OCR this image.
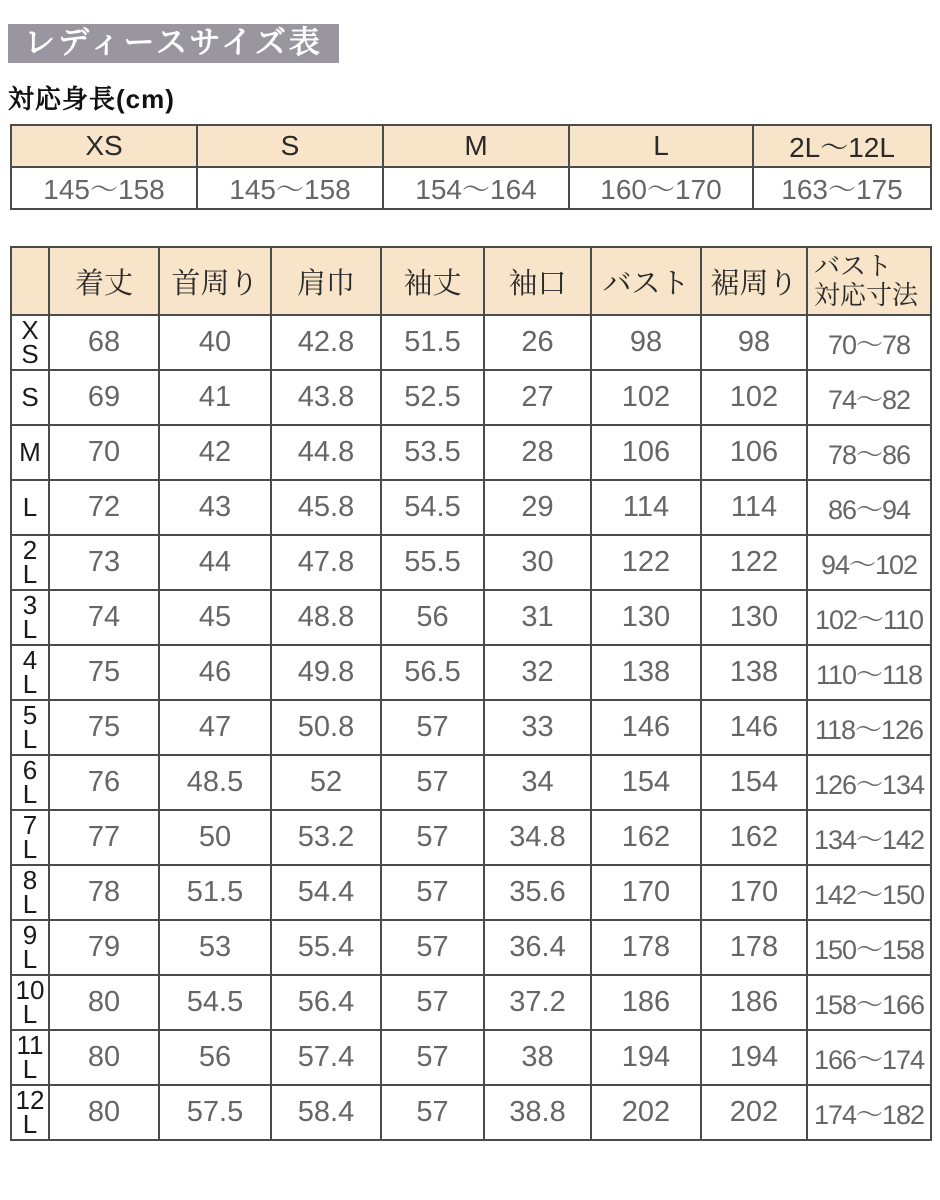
レディースサイズ表
対応身長(cm)
XS	S	M	L	2L～12L
145～158	145～158	154～164	160～170	163～175
	着丈	首周り	肩巾	袖丈	袖口	バスト	裾周り	バスト
対応寸法

X
S	68	40	42.8	51.5	26	98	98	70～78
S	69	41	43.8	52.5	27	102	102	74～82
M	70	42	44.8	53.5	28	106	106	78～86
L	72	43	45.8	54.5	29	114	114	86～94
2
L	73	44	47.8	55.5	30	122	122	94～102
3
L	74	45	48.8	56	31	130	130	102～110
4
L	75	46	49.8	56.5	32	138	138	110～118
5
L	75	47	50.8	57	33	146	146	118～126
6
L	76	48.5	52	57	34	154	154	126～134
7
L	77	50	53.2	57	34.8	162	162	134～142
8
L	78	51.5	54.4	57	35.6	170	170	142～150
9
L	79	53	55.4	57	36.4	178	178	150～158
10
L	80	54.5	56.4	57	37.2	186	186	158～166
11
L	80	56	57.4	57	38	194	194	166～174
12
L	80	57.5	58.4	57	38.8	202	202	174～182
